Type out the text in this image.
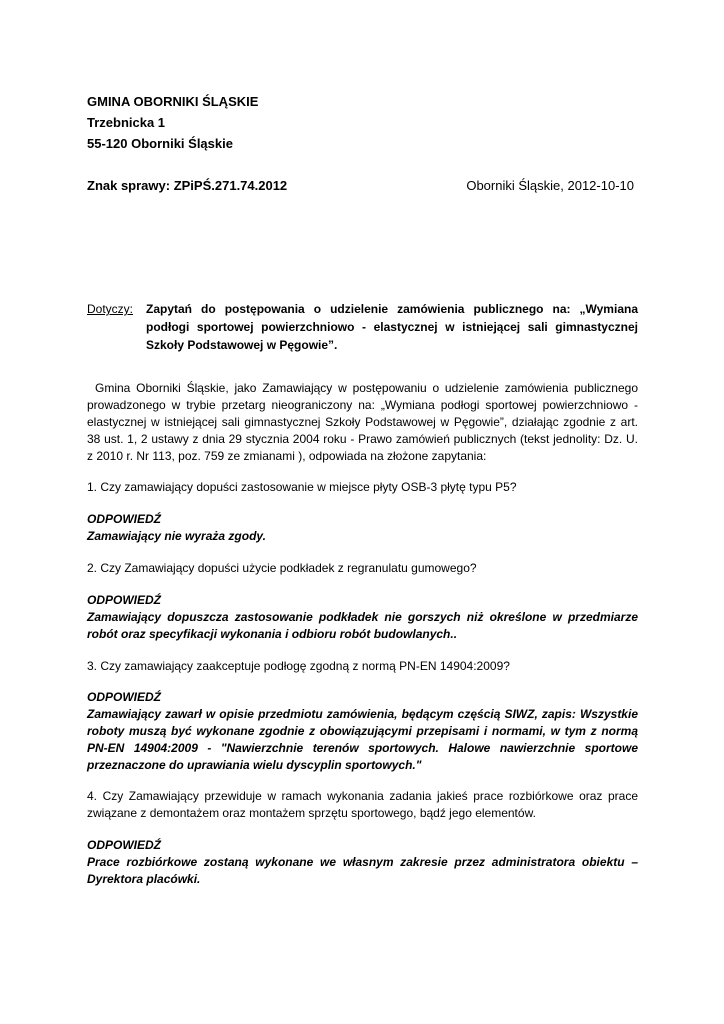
GMINA OBORNIKI ŚLĄSKIE
Trzebnicka 1
55-120 Oborniki Śląskie
Znak sprawy: ZPiPŚ.271.74.2012	Oborniki Śląskie, 2012-10-10
Dotyczy: Zapytań do postępowania o udzielenie zamówienia publicznego na: „Wymiana podłogi sportowej powierzchniowo - elastycznej w istniejącej sali gimnastycznej Szkoły Podstawowej w Pęgowie”.

Gmina Oborniki Śląskie, jako Zamawiający w postępowaniu o udzielenie zamówienia publicznego prowadzonego w trybie przetarg nieograniczony na: „Wymiana podłogi sportowej powierzchniowo - elastycznej w istniejącej sali gimnastycznej Szkoły Podstawowej w Pęgowie”, działając zgodnie z art. 38 ust. 1, 2 ustawy z dnia 29 stycznia 2004 roku - Prawo zamówień publicznych (tekst jednolity: Dz. U. z 2010 r. Nr 113, poz. 759 ze zmianami ), odpowiada na złożone zapytania:

1. Czy zamawiający dopuści zastosowanie w miejsce płyty OSB-3 płytę typu P5?
ODPOWIEDŹ
Zamawiający nie wyraża zgody.
2. Czy Zamawiający dopuści użycie podkładek z regranulatu gumowego?
ODPOWIEDŹ
Zamawiający dopuszcza zastosowanie podkładek nie gorszych niż określone w przedmiarze robót oraz specyfikacji wykonania i odbioru robót budowlanych..
3. Czy zamawiający zaakceptuje podłogę zgodną z normą PN-EN 14904:2009?
ODPOWIEDŹ
Zamawiający zawarł w opisie przedmiotu zamówienia, będącym częścią SIWZ, zapis: Wszystkie roboty muszą być wykonane zgodnie z obowiązującymi przepisami i normami, w tym z normą PN-EN 14904:2009 - "Nawierzchnie terenów sportowych. Halowe nawierzchnie sportowe przeznaczone do uprawiania wielu dyscyplin sportowych."
4. Czy Zamawiający przewiduje w ramach wykonania zadania jakieś prace rozbiórkowe oraz prace związane z demontażem oraz montażem sprzętu sportowego, bądź jego elementów.
ODPOWIEDŹ
Prace rozbiórkowe zostaną wykonane we własnym zakresie przez administratora obiektu – Dyrektora placówki.
